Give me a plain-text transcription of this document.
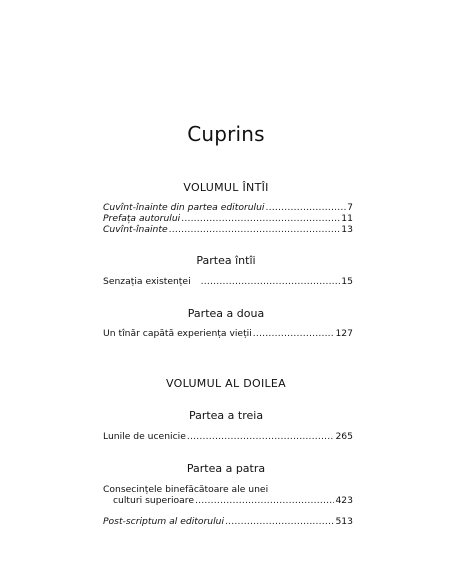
Cuprins
VOLUMUL ÎNTÎI
Cuvînt-înainte din partea editorului .....	7
Prefața autorului .....	11
Cuvînt-înainte .....	13
Partea întîi
Senzația existenței .....	15
Partea a doua
Un tînăr capătă experiența vieții .....	127
VOLUMUL AL DOILEA
Partea a treia
Lunile de ucenicie .....	265
Partea a patra
Consecințele binefăcătoare ale unei
culturi superioare .....	423
Post-scriptum al editorului .....	513
